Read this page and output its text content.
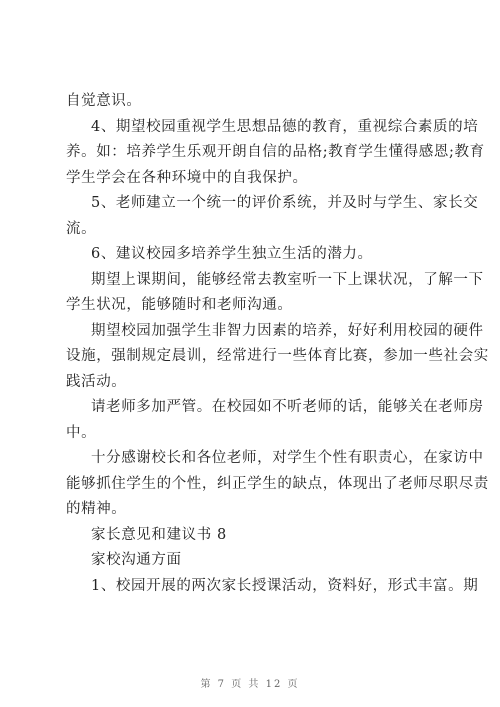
自觉意识。
4、期望校园重视学生思想品德的教育，重视综合素质的培
养。如：培养学生乐观开朗自信的品格;教育学生懂得感恩;教育
学生学会在各种环境中的自我保护。
5、老师建立一个统一的评价系统，并及时与学生、家长交
流。
6、建议校园多培养学生独立生活的潜力。
期望上课期间，能够经常去教室听一下上课状况，了解一下
学生状况，能够随时和老师沟通。
期望校园加强学生非智力因素的培养，好好利用校园的硬件
设施，强制规定晨训，经常进行一些体育比赛，参加一些社会实
践活动。
请老师多加严管。在校园如不听老师的话，能够关在老师房
中。
十分感谢校长和各位老师，对学生个性有职责心，在家访中
能够抓住学生的个性，纠正学生的缺点，体现出了老师尽职尽责
的精神。
家长意见和建议书 8
家校沟通方面
1、校园开展的两次家长授课活动，资料好，形式丰富。期
第 7 页 共 12 页
